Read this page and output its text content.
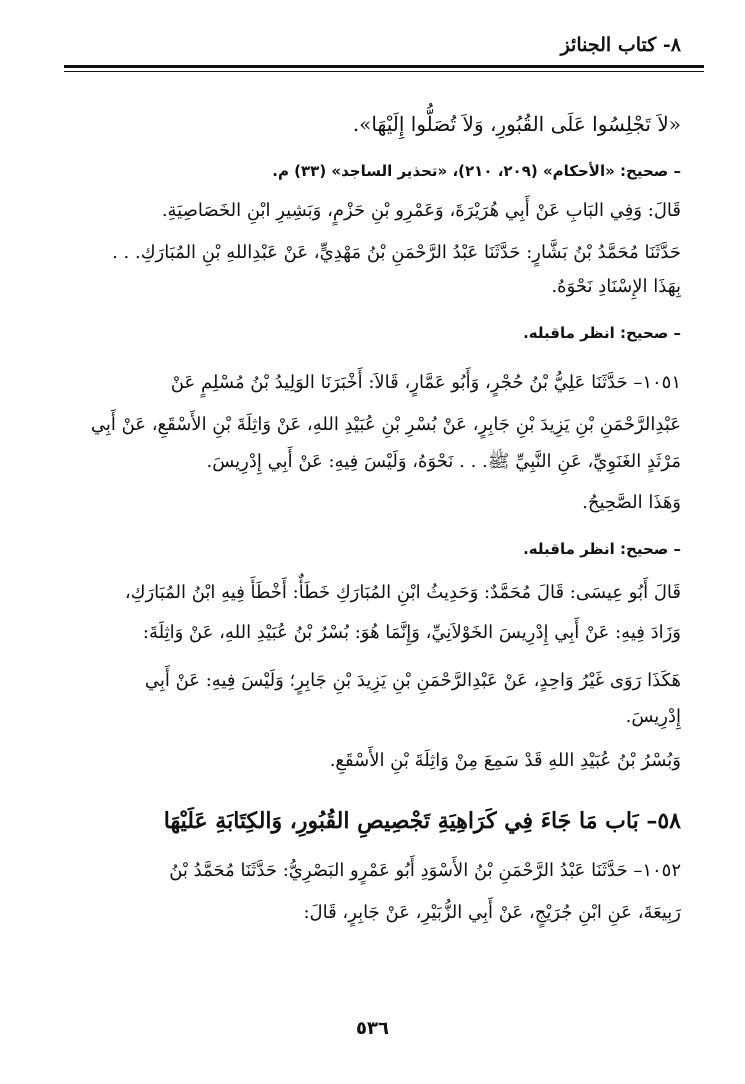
٨- كتاب الجنائز
«لاَ تَجْلِسُوا عَلَى القُبُورِ، وَلاَ تُصَلُّوا إِلَيْهَا».
– صحيح: «الأحكام» (٢٠٩، ٢١٠)، «تحذير الساجد» (٣٣) م.
قَالَ: وَفِي البَابِ عَنْ أَبِي هُرَيْرَةَ، وَعَمْرِو بْنِ حَزْمٍ، وَبَشِيرِ ابْنِ الخَصَاصِيَةِ.
حَدَّثَنَا مُحَمَّدُ بْنُ بَشَّارٍ: حَدَّثَنَا عَبْدُ الرَّحْمَنِ بْنُ مَهْدِيٍّ، عَنْ عَبْدِاللهِ بْنِ المُبَارَكِ. . .
بِهَذَا الإِسْنَادِ نَحْوَهُ.
– صحيح: انظر ماقبله.
١٠٥١– حَدَّثَنَا عَلِيُّ بْنُ حُجْرٍ، وَأَبُو عَمَّارٍ، قَالاَ: أَخْبَرَنَا الوَلِيدُ بْنُ مُسْلِمٍ عَنْ
عَبْدِالرَّحْمَنِ بْنِ يَزِيدَ بْنِ جَابِرٍ، عَنْ بُسْرِ بْنِ عُبَيْدِ اللهِ، عَنْ وَاثِلَةَ بْنِ الأَسْقَعِ، عَنْ أَبِي
مَرْثَدٍ الغَنَوِيِّ، عَنِ النَّبِيِّ ﷺ. . . نَحْوَهُ، وَلَيْسَ فِيهِ: عَنْ أَبِي إِدْرِيسَ.
وَهَذَا الصَّحِيحُ.
– صحيح: انظر ماقبله.
قَالَ أَبُو عِيسَى: قَالَ مُحَمَّدٌ: وَحَدِيثُ ابْنِ المُبَارَكِ خَطَأٌ: أَخْطَأَ فِيهِ ابْنُ المُبَارَكِ،
وَزَادَ فِيهِ: عَنْ أَبِي إِدْرِيسَ الخَوْلاَنِيِّ، وَإِنَّمَا هُوَ: بُسْرُ بْنُ عُبَيْدِ اللهِ، عَنْ وَاثِلَةَ:
هَكَذَا رَوَى غَيْرُ وَاحِدٍ، عَنْ عَبْدِالرَّحْمَنِ بْنِ يَزِيدَ بْنِ جَابِرٍ؛ وَلَيْسَ فِيهِ: عَنْ أَبِي
إِدْرِيسَ.
وَبُسْرُ بْنُ عُبَيْدِ اللهِ قَدْ سَمِعَ مِنْ وَاثِلَةَ بْنِ الأَسْقَعِ.
٥٨– بَاب مَا جَاءَ فِي كَرَاهِيَةِ تَجْصِيصِ القُبُورِ، وَالكِتَابَةِ عَلَيْهَا
١٠٥٢– حَدَّثَنَا عَبْدُ الرَّحْمَنِ بْنُ الأَسْوَدِ أَبُو عَمْرٍو البَصْرِيُّ: حَدَّثَنَا مُحَمَّدُ بْنُ
رَبِيعَةَ، عَنِ ابْنِ جُرَيْجٍ، عَنْ أَبِي الزُّبَيْرِ، عَنْ جَابِرٍ، قَالَ:
٥٣٦
